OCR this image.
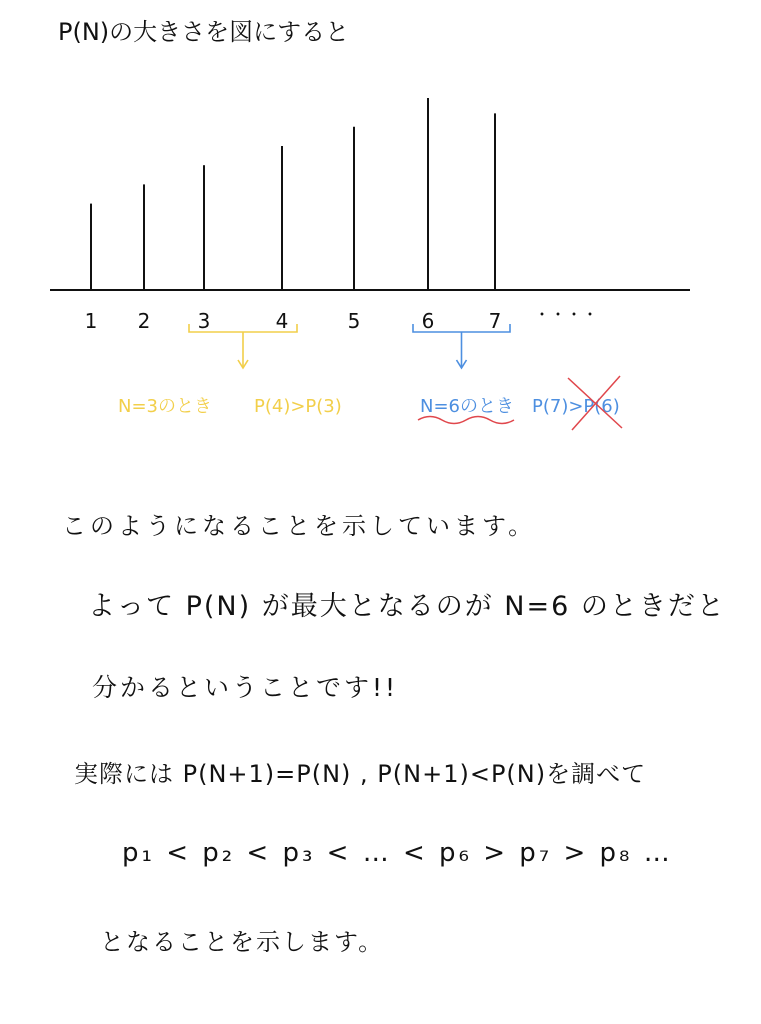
P(N)の大きさを図にすると
1 2 3	4	5	6	7 ・・・・
N=3のとき P(4)>P(3)	N=6のとき P(7)>P(6)
このようになることを示しています。
よって P(N) が最大となるのが N=6 のときだと
分かるということです!!
実際には P(N+1)=P(N) , P(N+1)<P(N)を調べて
p₁ < p₂ < p₃ < … < p₆ > p₇ > p₈ …
となることを示します。
